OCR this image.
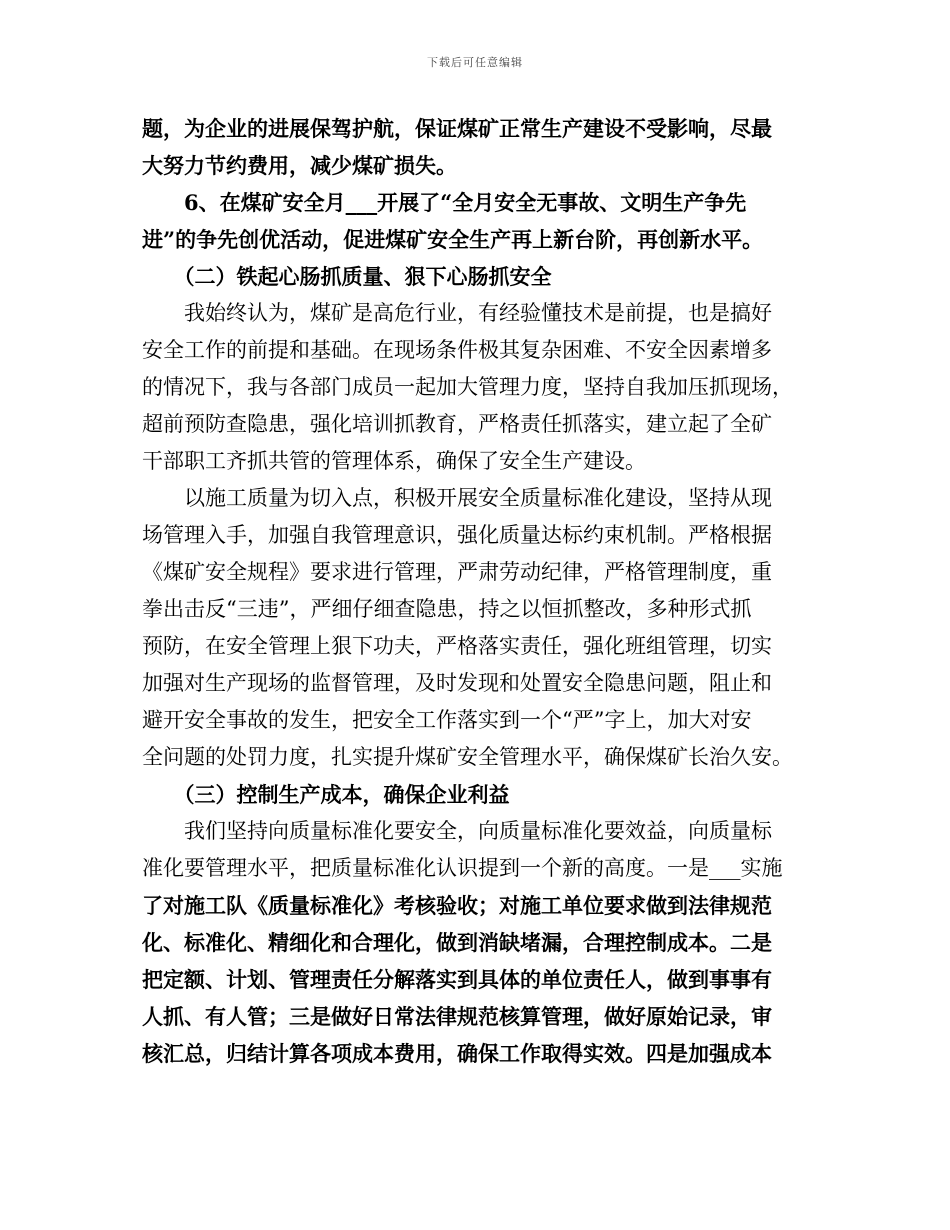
下载后可任意编辑
题，为企业的进展保驾护航，保证煤矿正常生产建设不受影响，尽最
大努力节约费用，减少煤矿损失。
　　6、在煤矿安全月___开展了“全月安全无事故、文明生产争先
进”的争先创优活动，促进煤矿安全生产再上新台阶，再创新水平。
　　（二）铁起心肠抓质量、狠下心肠抓安全
　　我始终认为，煤矿是高危行业，有经验懂技术是前提，也是搞好
安全工作的前提和基础。在现场条件极其复杂困难、不安全因素增多
的情况下，我与各部门成员一起加大管理力度，坚持自我加压抓现场，
超前预防查隐患，强化培训抓教育，严格责任抓落实，建立起了全矿
干部职工齐抓共管的管理体系，确保了安全生产建设。
　　以施工质量为切入点，积极开展安全质量标准化建设，坚持从现
场管理入手，加强自我管理意识，强化质量达标约束机制。严格根据
《煤矿安全规程》要求进行管理，严肃劳动纪律，严格管理制度，重
拳出击反“三违”，严细仔细查隐患，持之以恒抓整改，多种形式抓
预防，在安全管理上狠下功夫，严格落实责任，强化班组管理，切实
加强对生产现场的监督管理，及时发现和处置安全隐患问题，阻止和
避开安全事故的发生，把安全工作落实到一个“严”字上，加大对安
全问题的处罚力度，扎实提升煤矿安全管理水平，确保煤矿长治久安。
　　（三）控制生产成本，确保企业利益
　　我们坚持向质量标准化要安全，向质量标准化要效益，向质量标
准化要管理水平，把质量标准化认识提到一个新的高度。一是___实施
了对施工队《质量标准化》考核验收；对施工单位要求做到法律规范
化、标准化、精细化和合理化，做到消缺堵漏，合理控制成本。二是
把定额、计划、管理责任分解落实到具体的单位责任人，做到事事有
人抓、有人管；三是做好日常法律规范核算管理，做好原始记录，审
核汇总，归结计算各项成本费用，确保工作取得实效。四是加强成本
